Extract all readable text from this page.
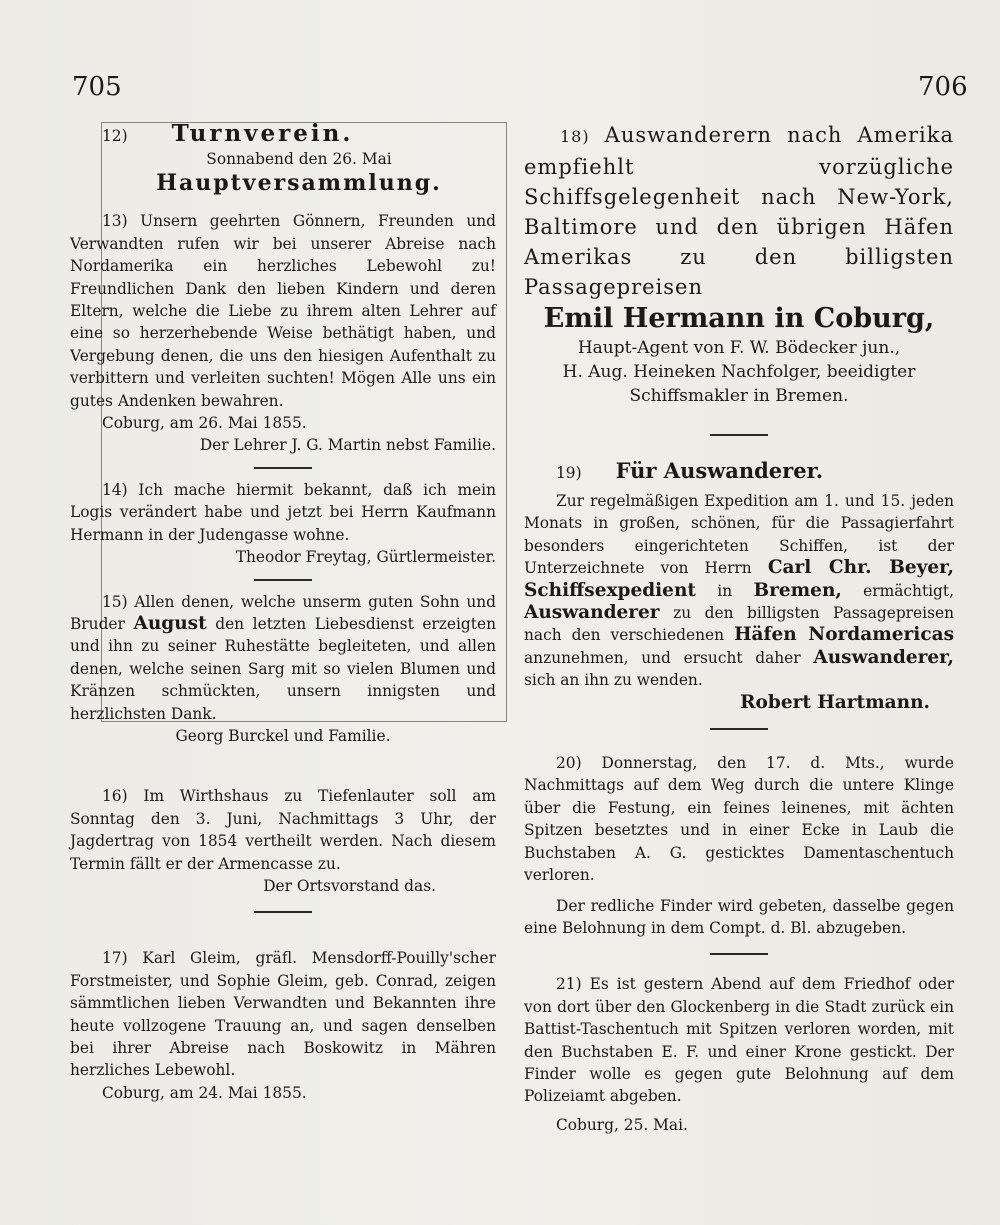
705	706
12) Turnverein.
Sonnabend den 26. Mai
Hauptversammlung.

13) Unsern geehrten Gönnern, Freunden und Verwandten rufen wir bei unserer Abreise nach Nordamerika ein herzliches Lebewohl zu! Freundlichen Dank den lieben Kindern und deren Eltern, welche die Liebe zu ihrem alten Lehrer auf eine so herzerhebende Weise bethätigt haben, und Vergebung denen, die uns den hiesigen Aufenthalt zu verbittern und verleiten suchten! Mögen Alle uns ein gutes Andenken bewahren.

Coburg, am 26. Mai 1855.
Der Lehrer J. G. Martin nebst Familie.

14) Ich mache hiermit bekannt, daß ich mein Logis verändert habe und jetzt bei Herrn Kaufmann Hermann in der Judengasse wohne.

Theodor Freytag, Gürtlermeister.

15) Allen denen, welche unserm guten Sohn und Bruder August den letzten Liebesdienst erzeigten und ihn zu seiner Ruhestätte begleiteten, und allen denen, welche seinen Sarg mit so vielen Blumen und Kränzen schmückten, unsern innigsten und herzlichsten Dank.

Georg Burckel und Familie.

16) Im Wirthshaus zu Tiefenlauter soll am Sonntag den 3. Juni, Nachmittags 3 Uhr, der Jagdertrag von 1854 vertheilt werden. Nach diesem Termin fällt er der Armencasse zu.

Der Ortsvorstand das.

17) Karl Gleim, gräfl. Mensdorff-Pouilly'scher Forstmeister, und Sophie Gleim, geb. Conrad, zeigen sämmtlichen lieben Verwandten und Bekannten ihre heute vollzogene Trauung an, und sagen denselben bei ihrer Abreise nach Boskowitz in Mähren herzliches Lebewohl.

Coburg, am 24. Mai 1855.

18) Auswanderern nach Amerika empfiehlt vorzügliche Schiffsgelegenheit nach New-York, Baltimore und den übrigen Häfen Amerikas zu den billigsten Passagepreisen

Emil Hermann in Coburg,
Haupt-Agent von F. W. Bödecker jun.,
H. Aug. Heineken Nachfolger, beeidigter Schiffsmakler in Bremen.
19) Für Auswanderer.

Zur regelmäßigen Expedition am 1. und 15. jeden Monats in großen, schönen, für die Passagierfahrt besonders eingerichteten Schiffen, ist der Unterzeichnete von Herrn Carl Chr. Beyer, Schiffsexpedient in Bremen, ermächtigt, Auswanderer zu den billigsten Passagepreisen nach den verschiedenen Häfen Nordamericas anzunehmen, und ersucht daher Auswanderer, sich an ihn zu wenden.

Robert Hartmann.

20) Donnerstag, den 17. d. Mts., wurde Nachmittags auf dem Weg durch die untere Klinge über die Festung, ein feines leinenes, mit ächten Spitzen besetztes und in einer Ecke in Laub die Buchstaben A. G. gesticktes Damentaschentuch verloren.

Der redliche Finder wird gebeten, dasselbe gegen eine Belohnung in dem Compt. d. Bl. abzugeben.

21) Es ist gestern Abend auf dem Friedhof oder von dort über den Glockenberg in die Stadt zurück ein Battist-Taschentuch mit Spitzen verloren worden, mit den Buchstaben E. F. und einer Krone gestickt. Der Finder wolle es gegen gute Belohnung auf dem Polizeiamt abgeben.

Coburg, 25. Mai.
